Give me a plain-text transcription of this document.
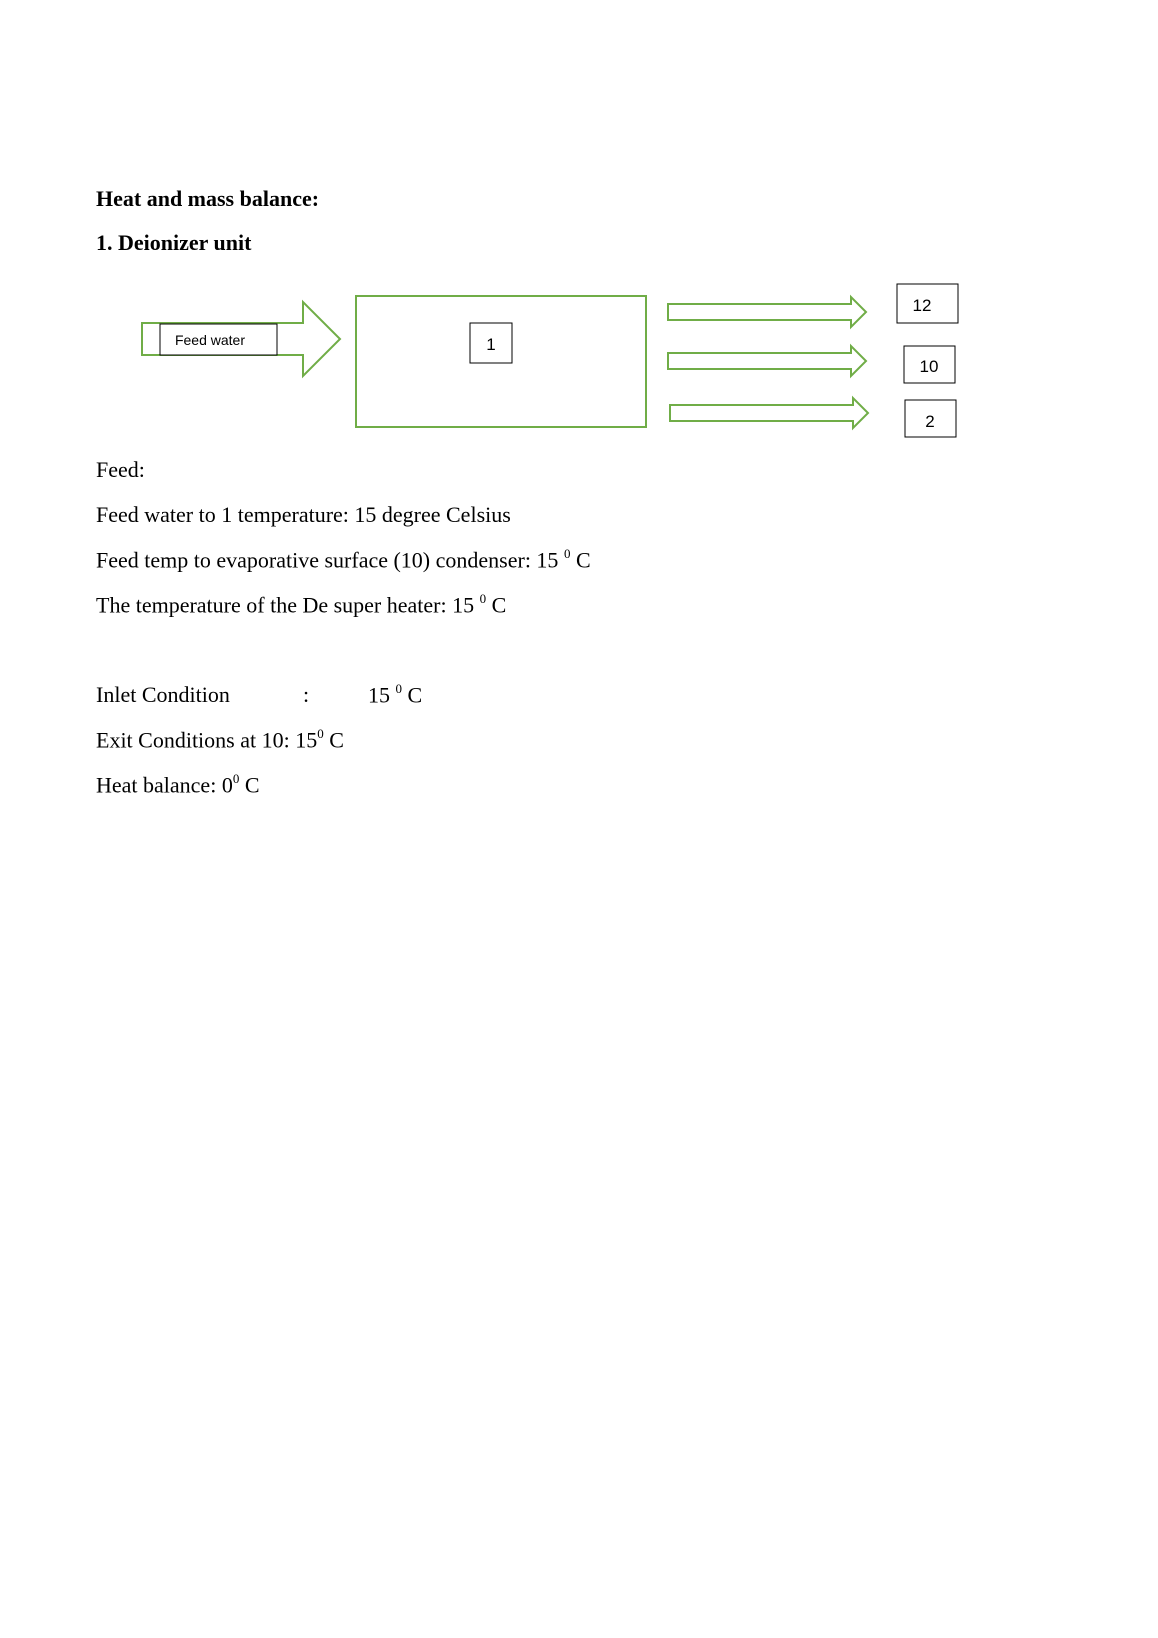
Heat and mass balance:
1. Deionizer unit
Feed water	1
12
10
2
Feed:
Feed water to 1 temperature: 15 degree Celsius
Feed temp to evaporative surface (10) condenser: 15 $^0$ C
The temperature of the De super heater: 15 $^0$ C
Inlet Condition	:	15 $^0$ C
Exit Conditions at 10: $15^0$ C
Heat balance: $0^0$ C
